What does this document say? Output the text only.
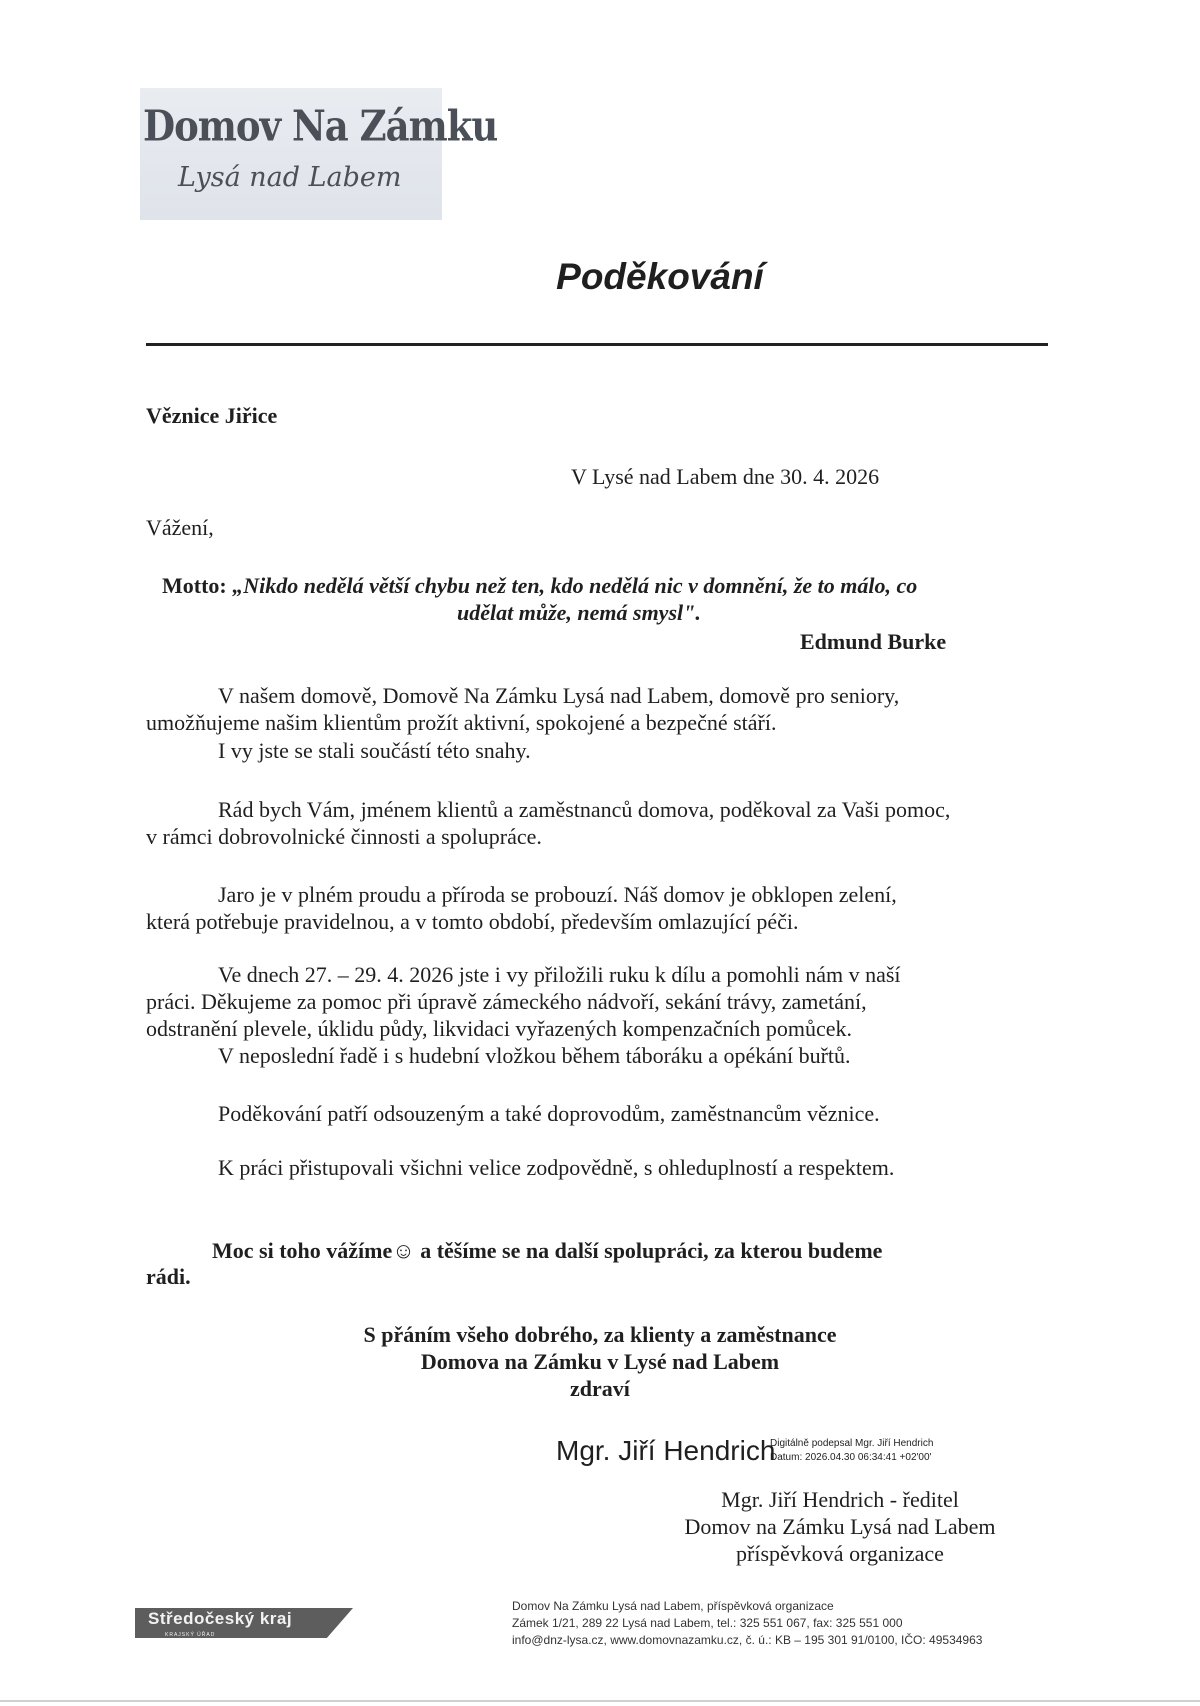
Domov Na Zámku
Lysá nad Labem
Poděkování
Věznice Jiřice
V Lysé nad Labem dne 30. 4. 2026
Vážení,
Motto: „Nikdo nedělá větší chybu než ten, kdo nedělá nic v domnění, že to málo, co
udělat může, nemá smysl".
Edmund Burke
V našem domově, Domově Na Zámku Lysá nad Labem, domově pro seniory,
umožňujeme našim klientům prožít aktivní, spokojené a bezpečné stáří.
I vy jste se stali součástí této snahy.
Rád bych Vám, jménem klientů a zaměstnanců domova, poděkoval za Vaši pomoc,
v rámci dobrovolnické činnosti a spolupráce.
Jaro je v plném proudu a příroda se probouzí. Náš domov je obklopen zelení,
která potřebuje pravidelnou, a v tomto období, především omlazující péči.
Ve dnech 27. – 29. 4. 2026 jste i vy přiložili ruku k dílu a pomohli nám v naší
práci. Děkujeme za pomoc při úpravě zámeckého nádvoří, sekání trávy, zametání,
odstranění plevele, úklidu půdy, likvidaci vyřazených kompenzačních pomůcek.
V neposlední řadě i s hudební vložkou během táboráku a opékání buřtů.
Poděkování patří odsouzeným a také doprovodům, zaměstnancům věznice.
K práci přistupovali všichni velice zodpovědně, s ohleduplností a respektem.
Moc si toho vážíme☺ a těšíme se na další spolupráci, za kterou budeme
rádi.
S přáním všeho dobrého, za klienty a zaměstnance
Domova na Zámku v Lysé nad Labem
zdraví
Mgr. Jiří Hendrich
Digitálně podepsal Mgr. Jiří Hendrich
Datum: 2026.04.30 06:34:41 +02'00'
Mgr. Jiří Hendrich - ředitel
Domov na Zámku Lysá nad Labem
příspěvková organizace
Středočeský kraj
KRAJSKÝ ÚŘAD
Domov Na Zámku Lysá nad Labem, příspěvková organizace
Zámek 1/21, 289 22 Lysá nad Labem, tel.: 325 551 067, fax: 325 551 000
info@dnz-lysa.cz, www.domovnazamku.cz, č. ú.: KB – 195 301 91/0100, IČO: 49534963
